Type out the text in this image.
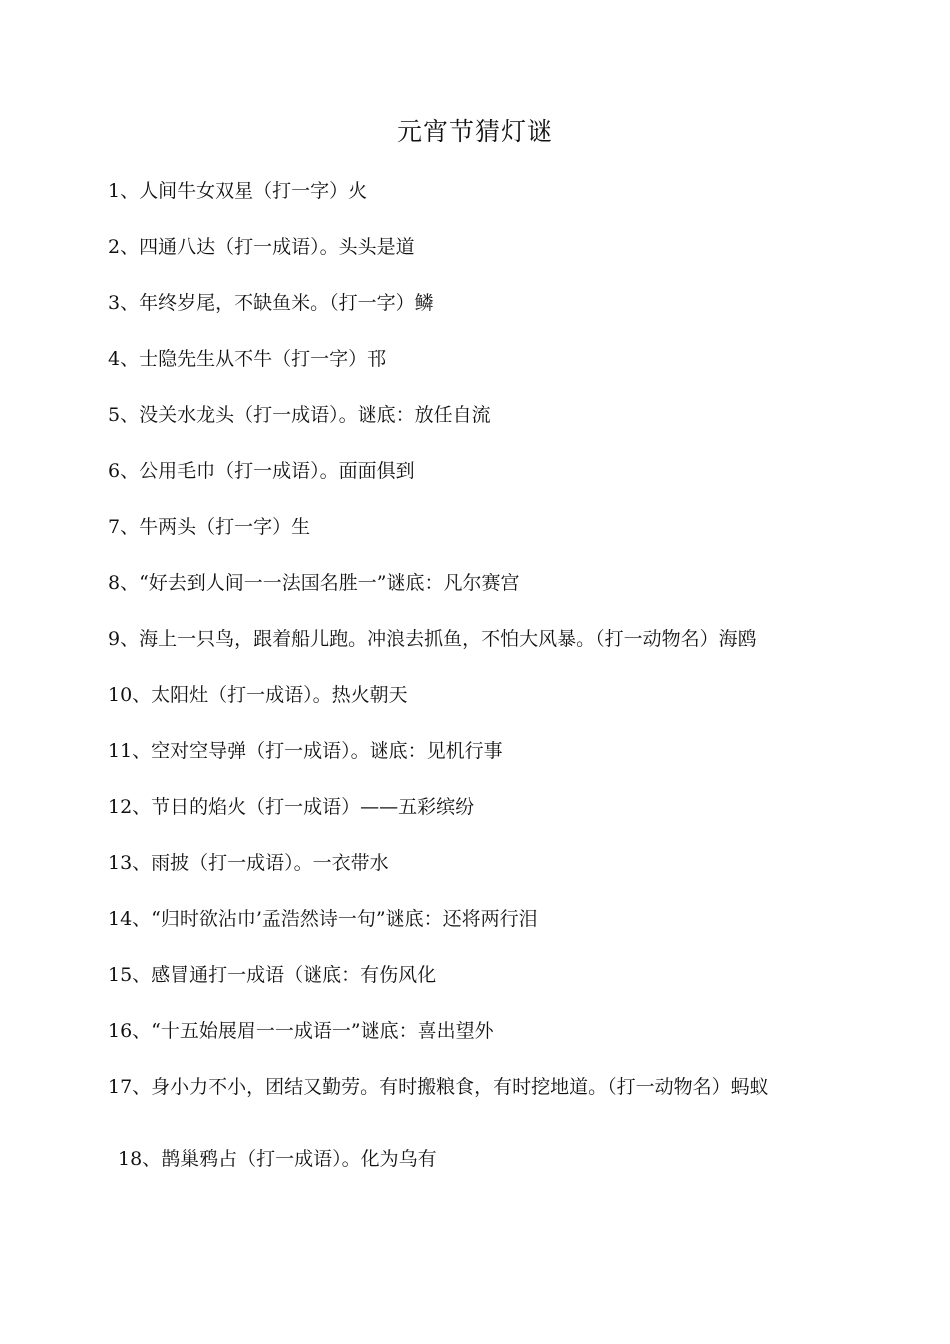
元宵节猜灯谜
1、人间牛女双星（打一字）火
2、四通八达（打一成语）。头头是道
3、年终岁尾，不缺鱼米。（打一字）鳞
4、士隐先生从不牛（打一字）邗
5、没关水龙头（打一成语）。谜底：放任自流
6、公用毛巾（打一成语）。面面俱到
7、牛两头（打一字）生
8、“好去到人间一一法国名胜一”谜底：凡尔赛宫
9、海上一只鸟，跟着船儿跑。冲浪去抓鱼，不怕大风暴。（打一动物名）海鸥
10、太阳灶（打一成语）。热火朝天
11、空对空导弹（打一成语）。谜底：见机行事
12、节日的焰火（打一成语）——五彩缤纷
13、雨披（打一成语）。一衣带水
14、“归时欲沾巾’孟浩然诗一句”谜底：还将两行泪
15、感冒通打一成语（谜底：有伤风化
16、“十五始展眉一一成语一”谜底：喜出望外
17、身小力不小，团结又勤劳。有时搬粮食，有时挖地道。（打一动物名）蚂蚁

18、鹊巢鸦占（打一成语）。化为乌有
